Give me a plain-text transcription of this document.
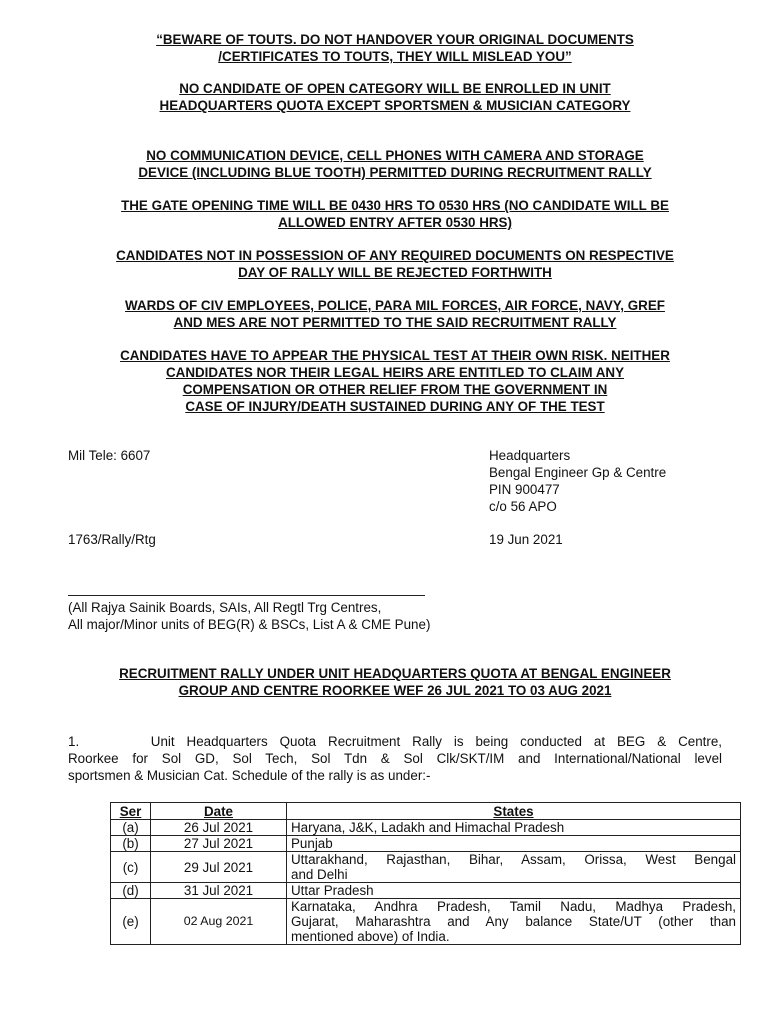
“BEWARE OF TOUTS. DO NOT HANDOVER YOUR ORIGINAL DOCUMENTS
/CERTIFICATES TO TOUTS, THEY WILL MISLEAD YOU”
NO CANDIDATE OF OPEN CATEGORY WILL BE ENROLLED IN UNIT
HEADQUARTERS QUOTA EXCEPT SPORTSMEN & MUSICIAN CATEGORY
NO COMMUNICATION DEVICE, CELL PHONES WITH CAMERA AND STORAGE
DEVICE (INCLUDING BLUE TOOTH) PERMITTED DURING RECRUITMENT RALLY
THE GATE OPENING TIME WILL BE 0430 HRS TO 0530 HRS (NO CANDIDATE WILL BE
ALLOWED ENTRY AFTER 0530 HRS)
CANDIDATES NOT IN POSSESSION OF ANY REQUIRED DOCUMENTS ON RESPECTIVE
DAY OF RALLY WILL BE REJECTED FORTHWITH
WARDS OF CIV EMPLOYEES, POLICE, PARA MIL FORCES, AIR FORCE, NAVY, GREF
AND MES ARE NOT PERMITTED TO THE SAID RECRUITMENT RALLY
CANDIDATES HAVE TO APPEAR THE PHYSICAL TEST AT THEIR OWN RISK. NEITHER
CANDIDATES NOR THEIR LEGAL HEIRS ARE ENTITLED TO CLAIM ANY
COMPENSATION OR OTHER RELIEF FROM THE GOVERNMENT IN
CASE OF INJURY/DEATH SUSTAINED DURING ANY OF THE TEST
Mil Tele: 6607	Headquarters
Bengal Engineer Gp & Centre
PIN 900477
c/o 56 APO
1763/Rally/Rtg	19 Jun 2021
(All Rajya Sainik Boards, SAIs, All Regtl Trg Centres,
All major/Minor units of BEG(R) & BSCs, List A & CME Pune)
RECRUITMENT RALLY UNDER UNIT HEADQUARTERS QUOTA AT BENGAL ENGINEER
GROUP AND CENTRE ROORKEE WEF 26 JUL 2021 TO 03 AUG 2021
1.      Unit Headquarters Quota Recruitment Rally is being conducted at BEG & Centre,
Roorkee for Sol GD, Sol Tech, Sol Tdn & Sol Clk/SKT/IM and International/National level
sportsmen & Musician Cat. Schedule of the rally is as under:-
Ser	Date	States
(a)	26 Jul 2021	Haryana, J&K, Ladakh and Himachal Pradesh
(b)	27 Jul 2021	Punjab
(c)	29 Jul 2021	Uttarakhand, Rajasthan, Bihar, Assam, Orissa, West Bengal
and Delhi

(d)	31 Jul 2021	Uttar Pradesh
(e)	02 Aug 2021	Karnataka, Andhra Pradesh, Tamil Nadu, Madhya Pradesh,
Gujarat, Maharashtra and Any balance State/UT (other than
mentioned above) of India.
